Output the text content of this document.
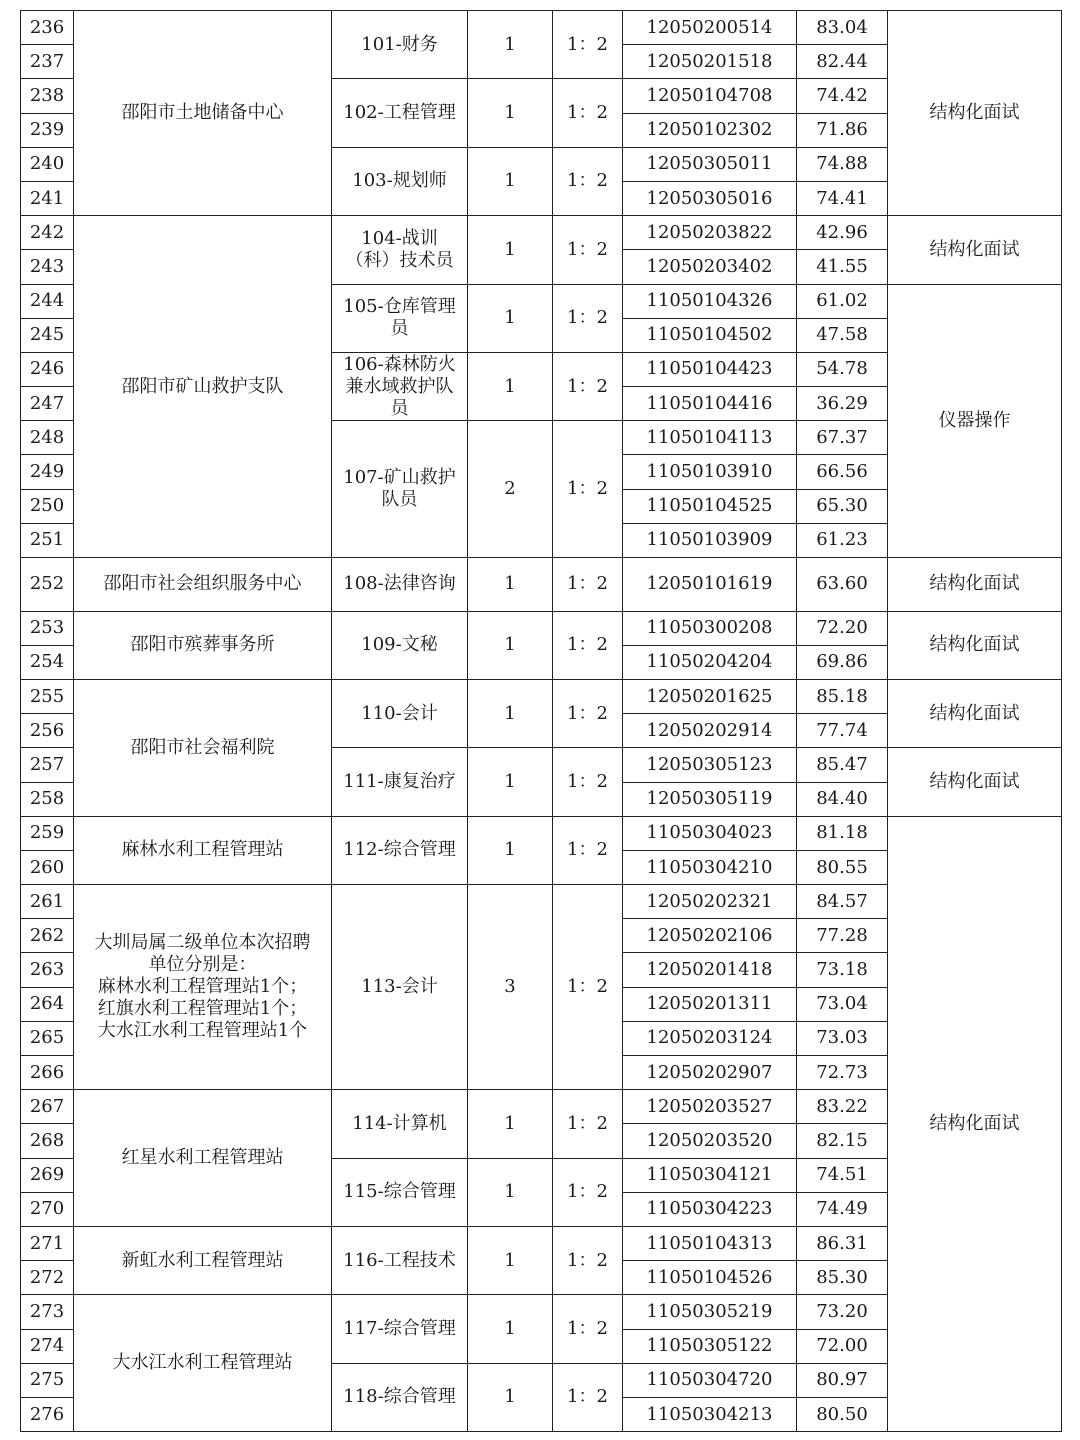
236	邵阳市土地储备中心	101-财务	1	1：2	12050200514	83.04	结构化面试
237					12050201518	82.44	
238		102-工程管理	1	1：2	12050104708	74.42	
239					12050102302	71.86	
240		103-规划师	1	1：2	12050305011	74.88	
241					12050305016	74.41	
242	邵阳市矿山救护支队	104-战训
（科）技术员	1	1：2	12050203822	42.96	结构化面试
243					12050203402	41.55	
244		105-仓库管理
员	1	1：2	11050104326	61.02	仪器操作
245					11050104502	47.58	
246		106-森林防火
兼水域救护队
员	1	1：2	11050104423	54.78	
247					11050104416	36.29	
248		107-矿山救护
队员	2	1：2	11050104113	67.37	
249					11050103910	66.56	
250					11050104525	65.30	
251					11050103909	61.23	
252	邵阳市社会组织服务中心	108-法律咨询	1	1：2	12050101619	63.60	结构化面试
253	邵阳市殡葬事务所	109-文秘	1	1：2	11050300208	72.20	结构化面试
254					11050204204	69.86	
255	邵阳市社会福利院	110-会计	1	1：2	12050201625	85.18	结构化面试
256					12050202914	77.74	
257		111-康复治疗	1	1：2	12050305123	85.47	结构化面试
258					12050305119	84.40	
259	麻林水利工程管理站	112-综合管理	1	1：2	11050304023	81.18	结构化面试
260					11050304210	80.55	
261	大圳局属二级单位本次招聘
单位分别是：
麻林水利工程管理站1个；
红旗水利工程管理站1个；
大水江水利工程管理站1个	113-会计	3	1：2	12050202321	84.57	
262					12050202106	77.28	
263					12050201418	73.18	
264					12050201311	73.04	
265					12050203124	73.03	
266					12050202907	72.73	
267	红星水利工程管理站	114-计算机	1	1：2	12050203527	83.22	
268					12050203520	82.15	
269		115-综合管理	1	1：2	11050304121	74.51	
270					11050304223	74.49	
271	新虹水利工程管理站	116-工程技术	1	1：2	11050104313	86.31	
272					11050104526	85.30	
273	大水江水利工程管理站	117-综合管理	1	1：2	11050305219	73.20	
274					11050305122	72.00	
275		118-综合管理	1	1：2	11050304720	80.97	
276					11050304213	80.50	
